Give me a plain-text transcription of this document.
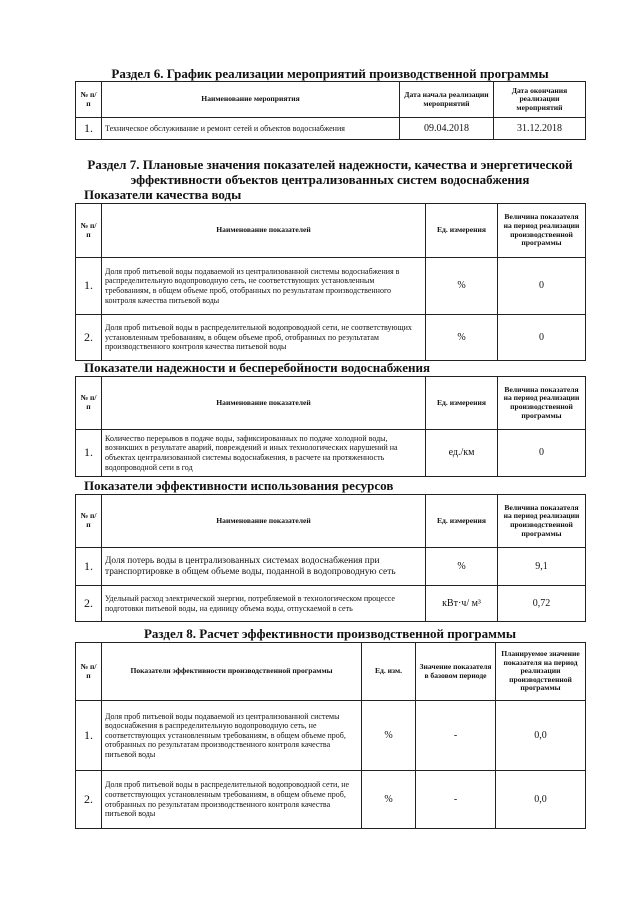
Раздел 6. График реализации мероприятий производственной программы
№ п/п	Наименование мероприятия	Дата начала реализации мероприятий	Дата окончания реализации мероприятий
1.	Техническое обслуживание и ремонт сетей и объектов водоснабжения	09.04.2018	31.12.2018
Раздел 7. Плановые значения показателей надежности, качества и энергетической
эффективности объектов централизованных систем водоснабжения
Показатели качества воды
№ п/п	Наименование показателей	Ед. измерения	Величина показателя на период реализации производственной программы
1.	Доля проб питьевой воды подаваемой из централизованной системы водоснабжения в распределительную водопроводную сеть, не соответствующих установленным требованиям, в общем объеме проб, отобранных по результатам производственного контроля качества питьевой воды	%	0
2.	Доля проб питьевой воды в распределительной водопроводной сети, не соответствующих установленным требованиям, в общем объеме проб, отобранных по результатам производственного контроля качества питьевой воды	%	0
Показатели надежности и бесперебойности водоснабжения
№ п/п	Наименование показателей	Ед. измерения	Величина показателя на период реализации производственной программы
1.	Количество перерывов в подаче воды, зафиксированных по подаче холодной воды, возникших в результате аварий, повреждений и иных технологических нарушений на объектах централизованной системы водоснабжения, в расчете на протяженность водопроводной сети в год	ед./км	0
Показатели эффективности использования ресурсов
№ п/п	Наименование показателей	Ед. измерения	Величина показателя на период реализации производственной программы
1.	Доля потерь воды в централизованных системах водоснабжения при транспортировке в общем объеме воды, поданной в водопроводную сеть	%	9,1
2.	Удельный расход электрической энергии, потребляемой в технологическом процессе подготовки питьевой воды, на единицу объема воды, отпускаемой в сеть	кВт·ч/ м³	0,72
Раздел 8. Расчет эффективности производственной программы
№ п/п	Показатели эффективности производственной программы	Ед. изм.	Значение показателя в базовом периоде	Планируемое значение показателя на период реализации производственной программы
1.	Доля проб питьевой воды подаваемой из централизованной системы водоснабжения в распределительную водопроводную сеть, не соответствующих установленным требованиям, в общем объеме проб, отобранных по результатам производственного контроля качества питьевой воды	%	-	0,0
2.	Доля проб питьевой воды в распределительной водопроводной сети, не соответствующих установленным требованиям, в общем объеме проб, отобранных по результатам производственного контроля качества питьевой воды	%	-	0,0
